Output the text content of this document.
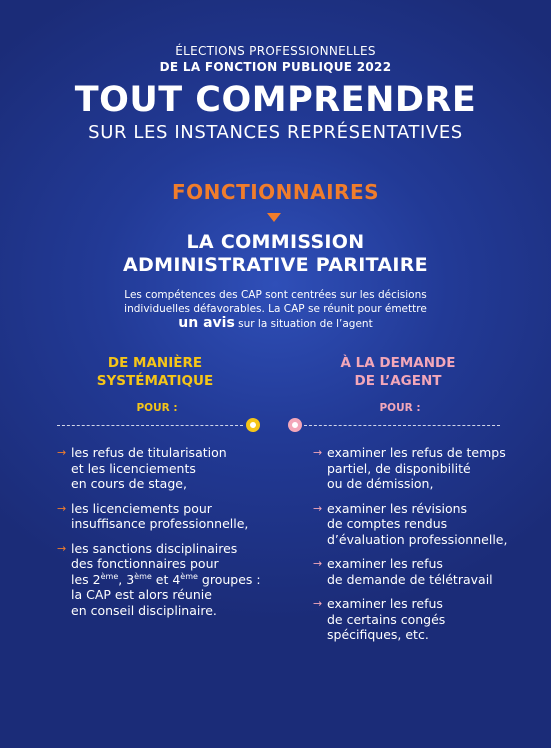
ÉLECTIONS PROFESSIONNELLES
DE LA FONCTION PUBLIQUE 2022
TOUT COMPRENDRE
SUR LES INSTANCES REPRÉSENTATIVES
FONCTIONNAIRES
LA COMMISSION
ADMINISTRATIVE PARITAIRE
Les compétences des CAP sont centrées sur les décisions
individuelles défavorables. La CAP se réunit pour émettre
un avis sur la situation de l’agent
DE MANIÈRE
SYSTÉMATIQUE
POUR :
À LA DEMANDE
DE L’AGENT
POUR :
→ les refus de titularisation
et les licenciements
en cours de stage,
→ les licenciements pour
insuffisance professionnelle,
→ les sanctions disciplinaires
des fonctionnaires pour
les 2ème, 3ème et 4ème groupes :
la CAP est alors réunie
en conseil disciplinaire.
→ examiner les refus de temps
partiel, de disponibilité
ou de démission,
→ examiner les révisions
de comptes rendus
d’évaluation professionnelle,
→ examiner les refus
de demande de télétravail
→ examiner les refus
de certains congés
spécifiques, etc.
